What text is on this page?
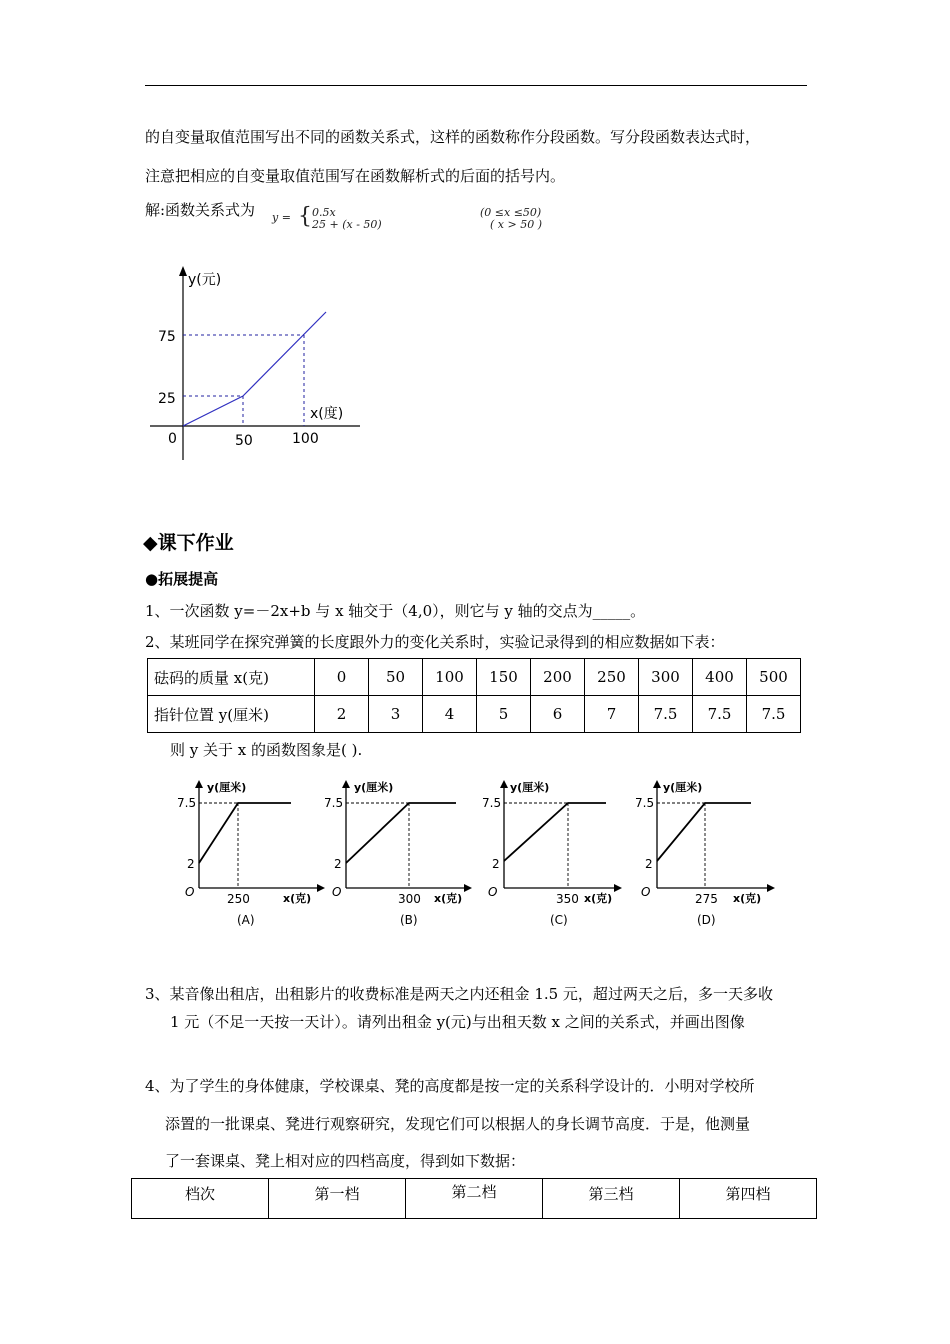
的自变量取值范围写出不同的函数关系式，这样的函数称作分段函数。写分段函数表达式时，
注意把相应的自变量取值范围写在函数解析式的后面的括号内。
解:函数关系式为 y = { 0.5x
25 + (x - 50)
(0 ≤x ≤50)
( x > 50 )
y(元)
x(度)
75
25
0	50	100
◆课下作业
●拓展提高
1、一次函数 y=－2x+b 与 x 轴交于（4,0），则它与 y 轴的交点为_____。
2、某班同学在探究弹簧的长度跟外力的变化关系时，实验记录得到的相应数据如下表：
砝码的质量 x(克)	0	50	100	150	200	250	300	400	500
指针位置 y(厘米)	2	3	4	5	6	7	7.5	7.5	7.5
则 y 关于 x 的函数图象是( ).
y(厘米)
7.5
2
O	250	x(克)
(A)
y(厘米)
7.5
2
O	300 x(克)
(B)
y(厘米)
7.5
2
O	350 x(克)
(C)
y(厘米)
7.5
2
O	275 x(克)
(D)
3、某音像出租店，出租影片的收费标准是两天之内还租金 1.5 元，超过两天之后，多一天多收
1 元（不足一天按一天计）。请列出租金 y(元)与出租天数 x 之间的关系式，并画出图像
4、为了学生的身体健康，学校课桌、凳的高度都是按一定的关系科学设计的．小明对学校所
添置的一批课桌、凳进行观察研究，发现它们可以根据人的身长调节高度．于是，他测量
了一套课桌、凳上相对应的四档高度，得到如下数据：
档次	第一档	第二档	第三档	第四档
